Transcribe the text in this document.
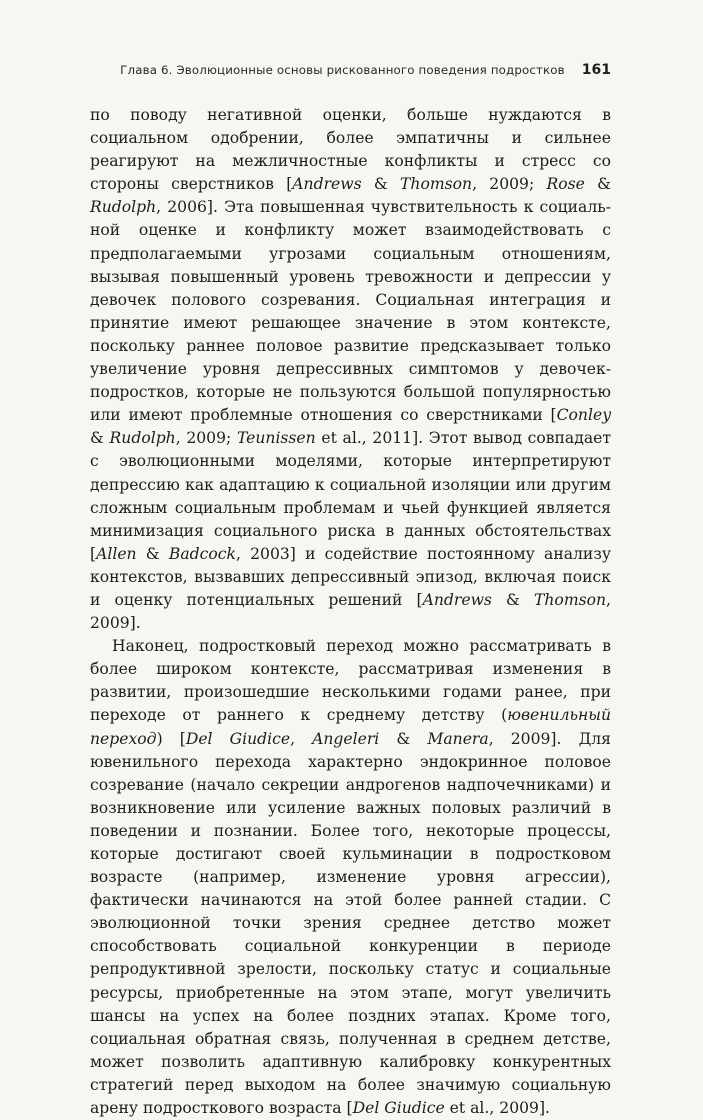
Глава 6. Эволюционные основы рискованного поведения подростков 161

по поводу негативной оценки, больше нуждаются в социальном одобрении, более эмпатичны и сильнее реагируют на межличностные конфликты и стресс со стороны сверстников [Andrews & Thomson, 2009; Rose & Rudolph, 2006]. Эта повышенная чувствительность к социальной оценке и конфликту может взаимодействовать с предполагаемыми угрозами социальным отношениям, вызывая повышенный уровень тревожности и депрессии у девочек полового созревания. Социальная интеграция и принятие имеют решающее значение в этом контексте, поскольку раннее половое развитие предсказывает только увеличение уровня депрессивных симптомов у девочек-подростков, которые не пользуются большой популярностью или имеют проблемные отношения со сверстниками [Conley & Rudolph, 2009; Teunissen et al., 2011]. Этот вывод совпадает с эволюционными моделями, которые интерпретируют депрессию как адаптацию к социальной изоляции или другим сложным социальным проблемам и чьей функцией является минимизация социального риска в данных обстоятельствах [Allen & Badcock, 2003] и содействие постоянному анализу контекстов, вызвавших депрессивный эпизод, включая поиск и оценку потенциальных решений [Andrews & Thomson, 2009].

Наконец, подростковый переход можно рассматривать в более широком контексте, рассматривая изменения в развитии, произошедшие несколькими годами ранее, при переходе от раннего к среднему детству (ювенильный переход) [Del Giudice, Angeleri & Manera, 2009]. Для ювенильного перехода характерно эндокринное половое созревание (начало секреции андрогенов надпочечниками) и возникновение или усиление важных половых различий в поведении и познании. Более того, некоторые процессы, которые достигают своей кульминации в подростковом возрасте (например, изменение уровня агрессии), фактически начинаются на этой более ранней стадии. С эволюционной точки зрения среднее детство может способствовать социальной конкуренции в периоде репродуктивной зрелости, поскольку статус и социальные ресурсы, приобретенные на этом этапе, могут увеличить шансы на успех на более поздних этапах. Кроме того, социальная обратная связь, полученная в среднем детстве, может позволить адаптивную калибровку конкурентных стратегий перед выходом на более значимую социальную арену подросткового возраста [Del Giudice et al., 2009].
